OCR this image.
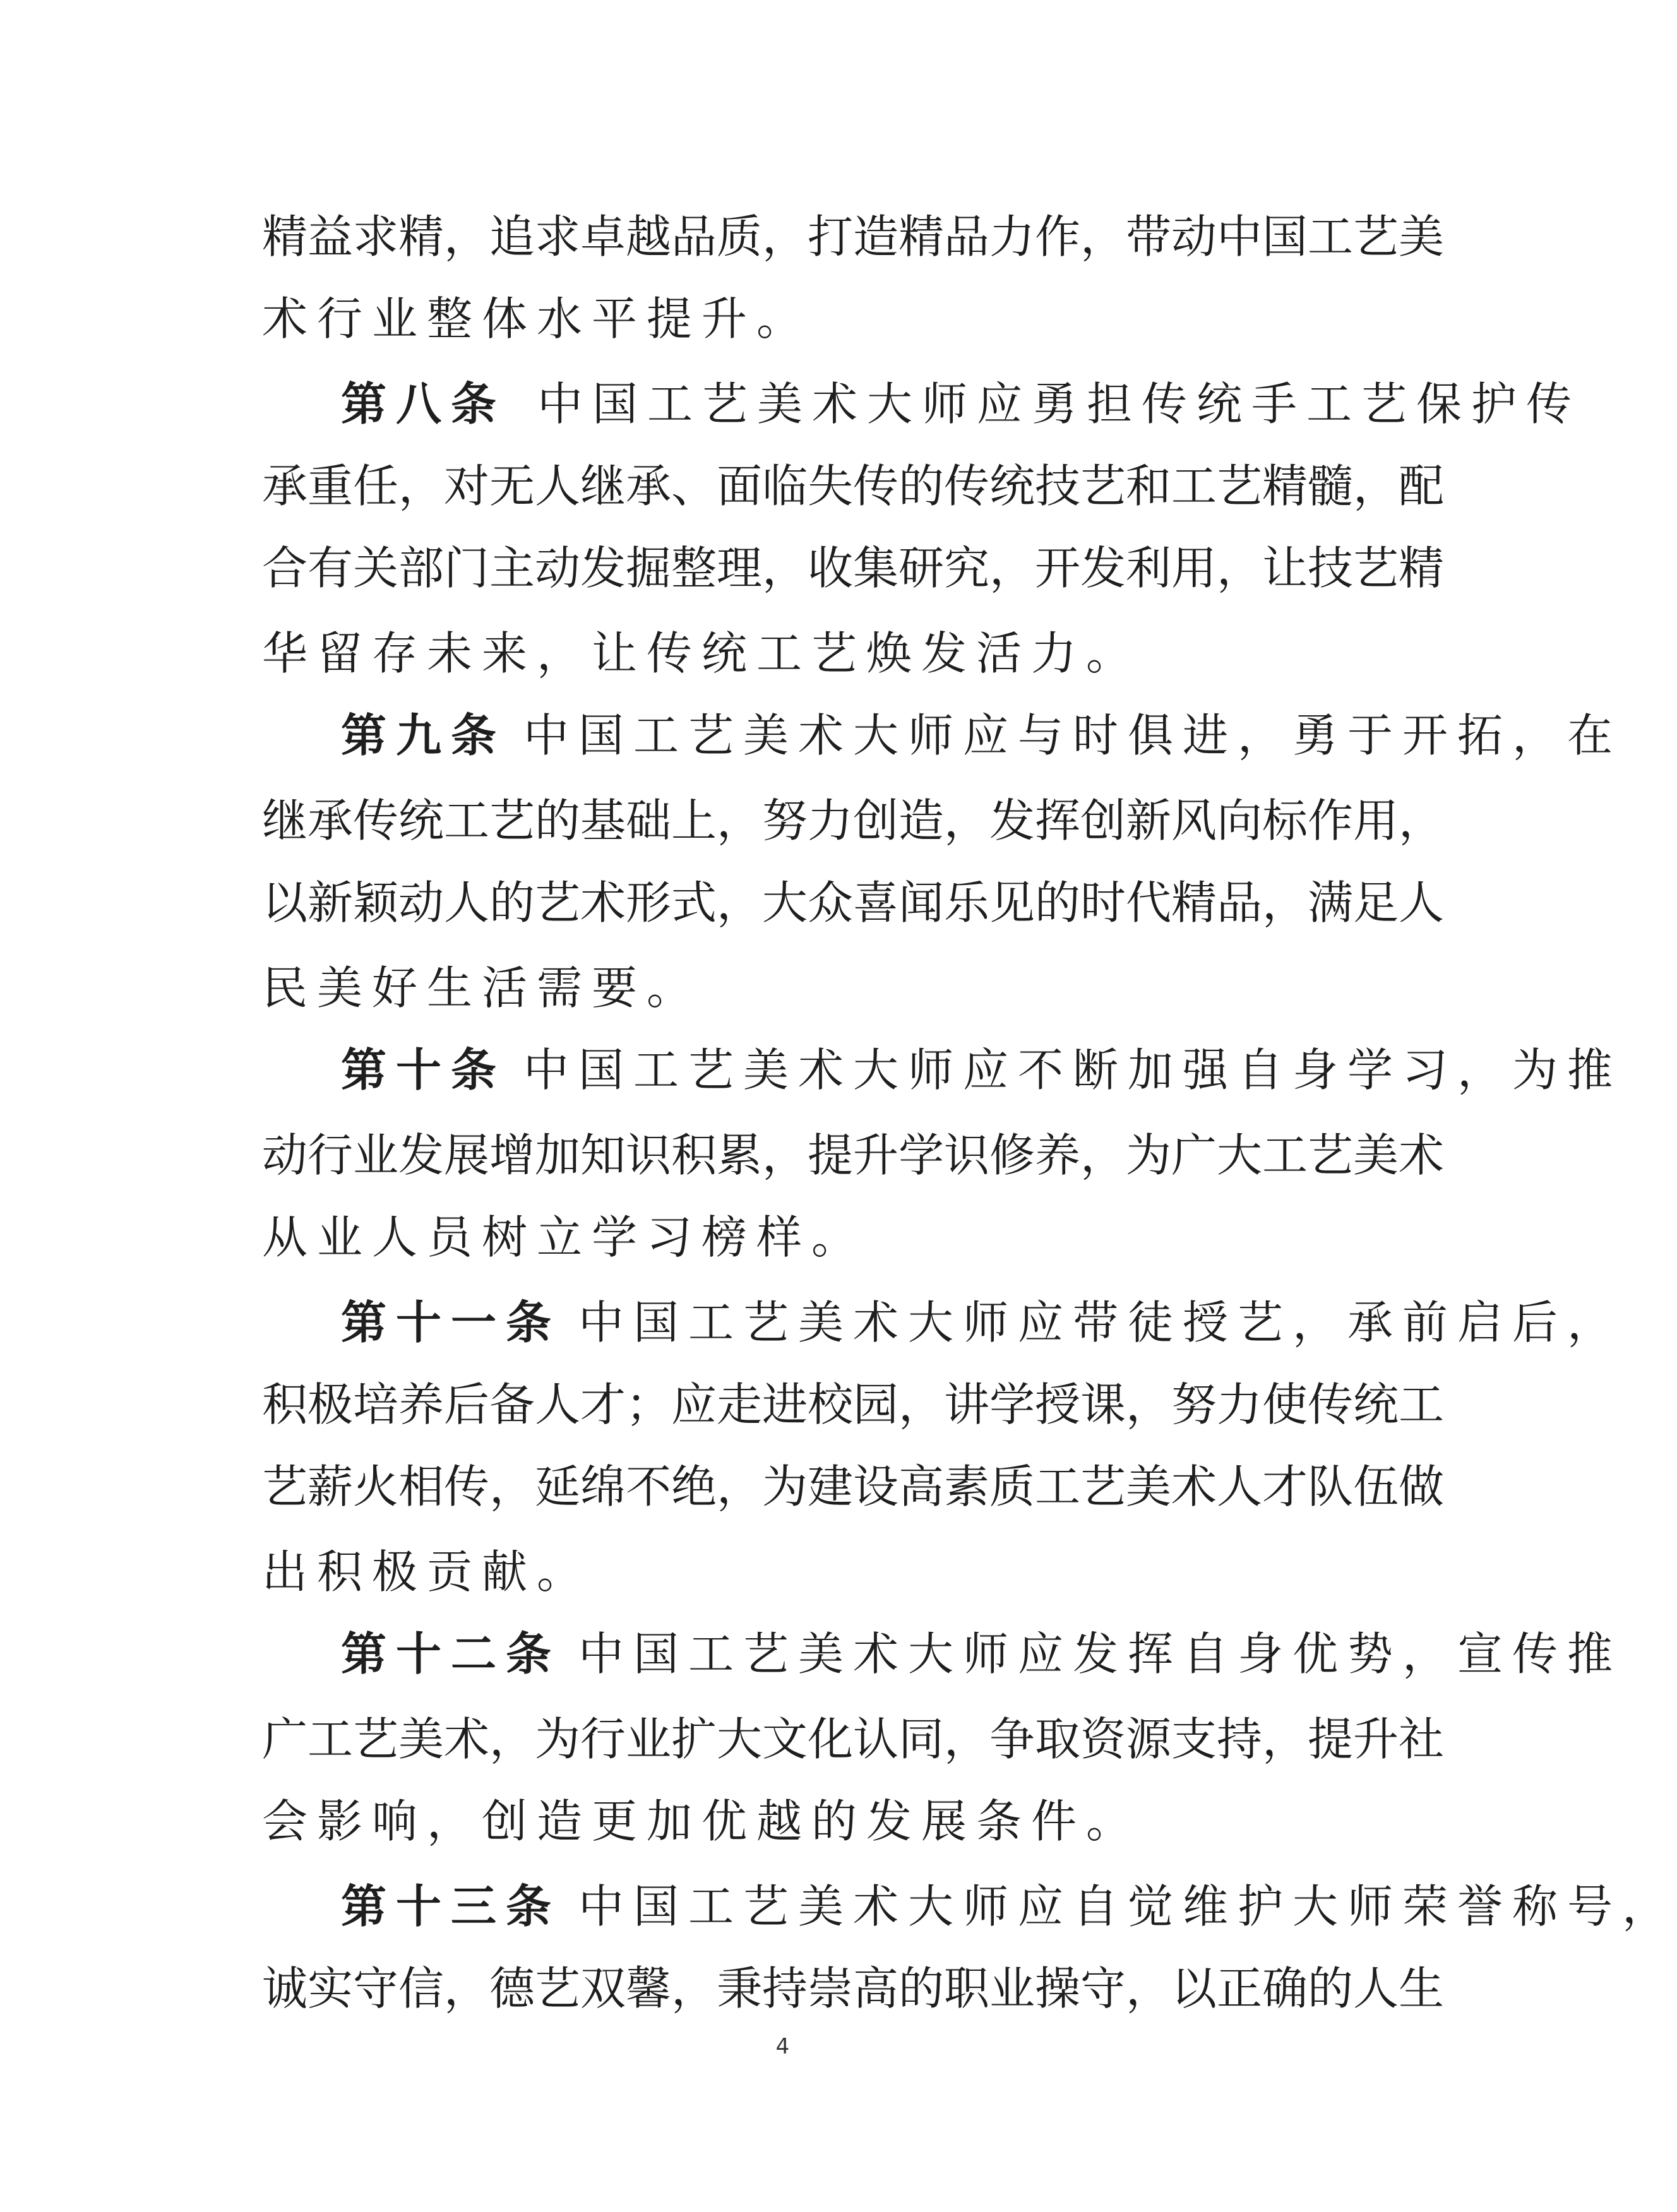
精益求精，追求卓越品质，打造精品力作，带动中国工艺美
术行业整体水平提升。
第八条 中国工艺美术大师应勇担传统手工艺保护传
承重任，对无人继承、面临失传的传统技艺和工艺精髓，配
合有关部门主动发掘整理，收集研究，开发利用，让技艺精
华留存未来，让传统工艺焕发活力。
第九条 中国工艺美术大师应与时俱进，勇于开拓，在
继承传统工艺的基础上，努力创造，发挥创新风向标作用，
以新颖动人的艺术形式，大众喜闻乐见的时代精品，满足人
民美好生活需要。
第十条 中国工艺美术大师应不断加强自身学习，为推
动行业发展增加知识积累，提升学识修养，为广大工艺美术
从业人员树立学习榜样。
第十一条 中国工艺美术大师应带徒授艺，承前启后，
积极培养后备人才；应走进校园，讲学授课，努力使传统工
艺薪火相传，延绵不绝，为建设高素质工艺美术人才队伍做
出积极贡献。
第十二条 中国工艺美术大师应发挥自身优势，宣传推
广工艺美术，为行业扩大文化认同，争取资源支持，提升社
会影响，创造更加优越的发展条件。
第十三条 中国工艺美术大师应自觉维护大师荣誉称号，
诚实守信，德艺双馨，秉持崇高的职业操守，以正确的人生
4
